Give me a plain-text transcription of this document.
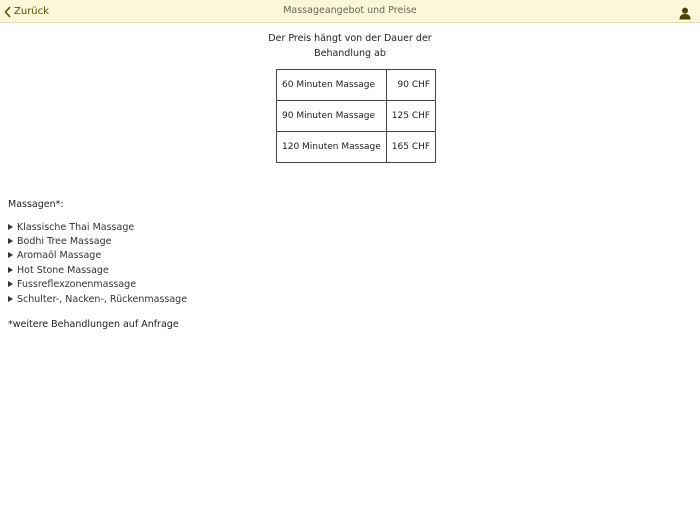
Zurück	Massageangebot und Preise
Der Preis hängt von der Dauer der
Behandlung ab
60 Minuten Massage	90 CHF
90 Minuten Massage	125 CHF
120 Minuten Massage	165 CHF
Massagen*:
Klassische Thai Massage
Bodhi Tree Massage
Aromaöl Massage
Hot Stone Massage
Fussreflexzonenmassage
Schulter-, Nacken-, Rückenmassage
*weitere Behandlungen auf Anfrage
